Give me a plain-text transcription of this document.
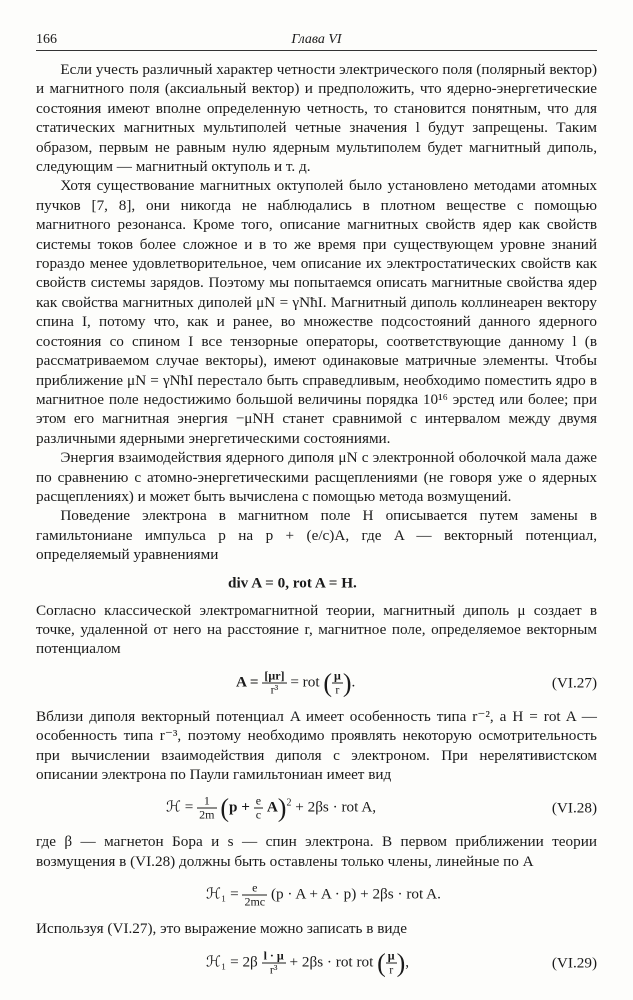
166	Глава VI

Если учесть различный характер четности электрического поля (полярный вектор) и магнитного поля (аксиальный вектор) и предположить, что ядерно-энергетические состояния имеют вполне определенную четность, то становится понятным, что для статических магнитных мультиполей четные значения l будут запрещены. Таким образом, первым не равным нулю ядерным мультиполем будет магнитный диполь, следующим — магнитный октуполь и т. д.

Хотя существование магнитных октуполей было установлено методами атомных пучков [7, 8], они никогда не наблюдались в плотном веществе с помощью магнитного резонанса. Кроме того, описание магнитных свойств ядер как свойств системы токов более сложное и в то же время при существующем уровне знаний гораздо менее удовлетворительное, чем описание их электростатических свойств как свойств системы зарядов. Поэтому мы попытаемся описать магнитные свойства ядер как свойства магнитных диполей μN = γNħI. Магнитный диполь коллинеарен вектору спина I, потому что, как и ранее, во множестве подсостояний данного ядерного состояния со спином I все тензорные операторы, соответствующие данному l (в рассматриваемом случае векторы), имеют одинаковые матричные элементы. Чтобы приближение μN = γNħI перестало быть справедливым, необходимо поместить ядро в магнитное поле недостижимо большой величины порядка 10¹⁶ эрстед или более; при этом его магнитная энергия −μNH станет сравнимой с интервалом между двумя различными ядерными энергетическими состояниями.

Энергия взаимодействия ядерного диполя μN с электронной оболочкой мала даже по сравнению с атомно-энергетическими расщеплениями (не говоря уже о ядерных расщеплениях) и может быть вычислена с помощью метода возмущений.

Поведение электрона в магнитном поле H описывается путем замены в гамильтониане импульса p на p + (e/c)A, где A — векторный потенциал, определяемый уравнениями

div A = 0, rot A = H.

Согласно классической электромагнитной теории, магнитный диполь μ создает в точке, удаленной от него на расстояние r, магнитное поле, определяемое векторным потенциалом

$A = \frac{[\mu r]}{\text{r³}}$ = rot ( $\frac{\mu}{r}$ ).	(VI.27)

Вблизи диполя векторный потенциал A имеет особенность типа r⁻², а H = rot A — особенность типа r⁻³, поэтому необходимо проявлять некоторую осмотрительность при вычислении взаимодействия диполя с электроном. При нерелятивистском описании электрона по Паули гамильтониан имеет вид

ℋ = $\frac{1}{2m} (p + \frac{e}{c} A)^2 + 2\beta s$ · rot A,	(VI.28)

где β — магнетон Бора и s — спин электрона. В первом приближении теории возмущения в (VI.28) должны быть оставлены только члены, линейные по A

ℋ₁ = $\frac{e}{2mc} (p \cdot A + A \cdot p) + 2\beta s$ · rot A.

Используя (VI.27), это выражение можно записать в виде

ℋ₁ = $2\beta \frac{l \cdot \mu}{\text{r³}} + 2\beta s$ · rot rot ( $\frac{\mu}{r}$ ),	(VI.29)
